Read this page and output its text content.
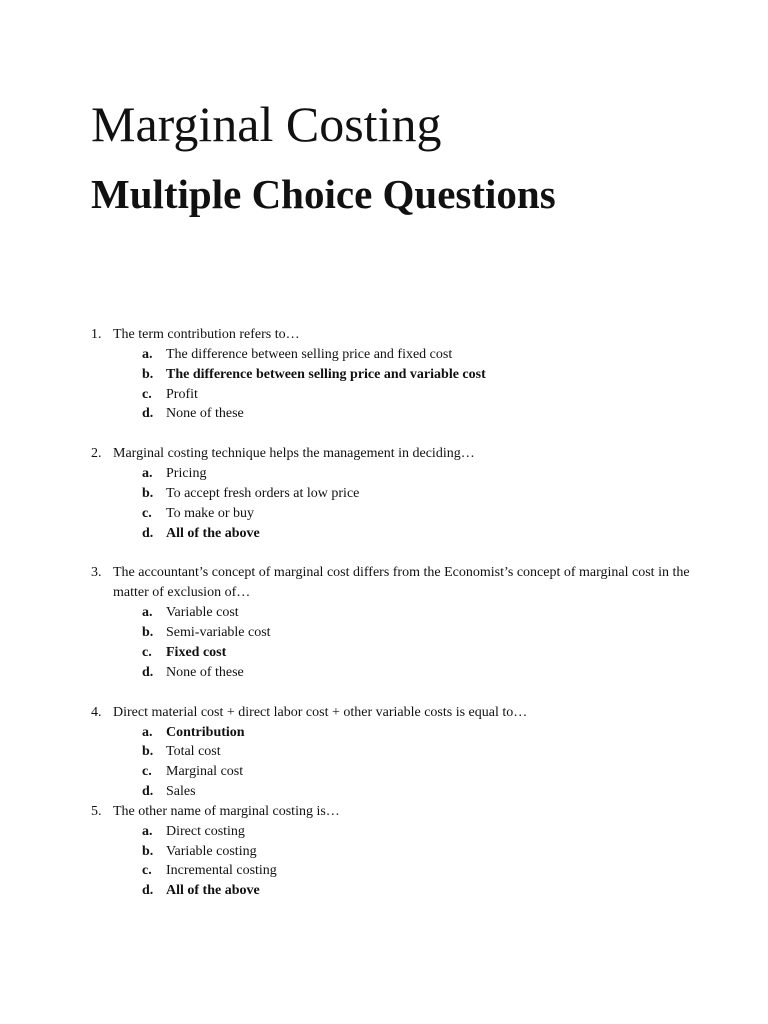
Marginal Costing
Multiple Choice Questions
1. The term contribution refers to…
a. The difference between selling price and fixed cost
b. The difference between selling price and variable cost
c.	Profit
d. None of these
2. Marginal costing technique helps the management in deciding…
a. Pricing
b. To accept fresh orders at low price
c.	To make or buy
d. All of the above
3. The accountant’s concept of marginal cost differs from the Economist’s concept of marginal cost in the matter of exclusion of…
a. Variable cost
b. Semi-variable cost
c.	Fixed cost
d. None of these
4. Direct material cost + direct labor cost + other variable costs is equal to…
a. Contribution
b. Total cost
c.	Marginal cost
d. Sales
5. The other name of marginal costing is…
a. Direct costing
b. Variable costing
c.	Incremental costing
d. All of the above
